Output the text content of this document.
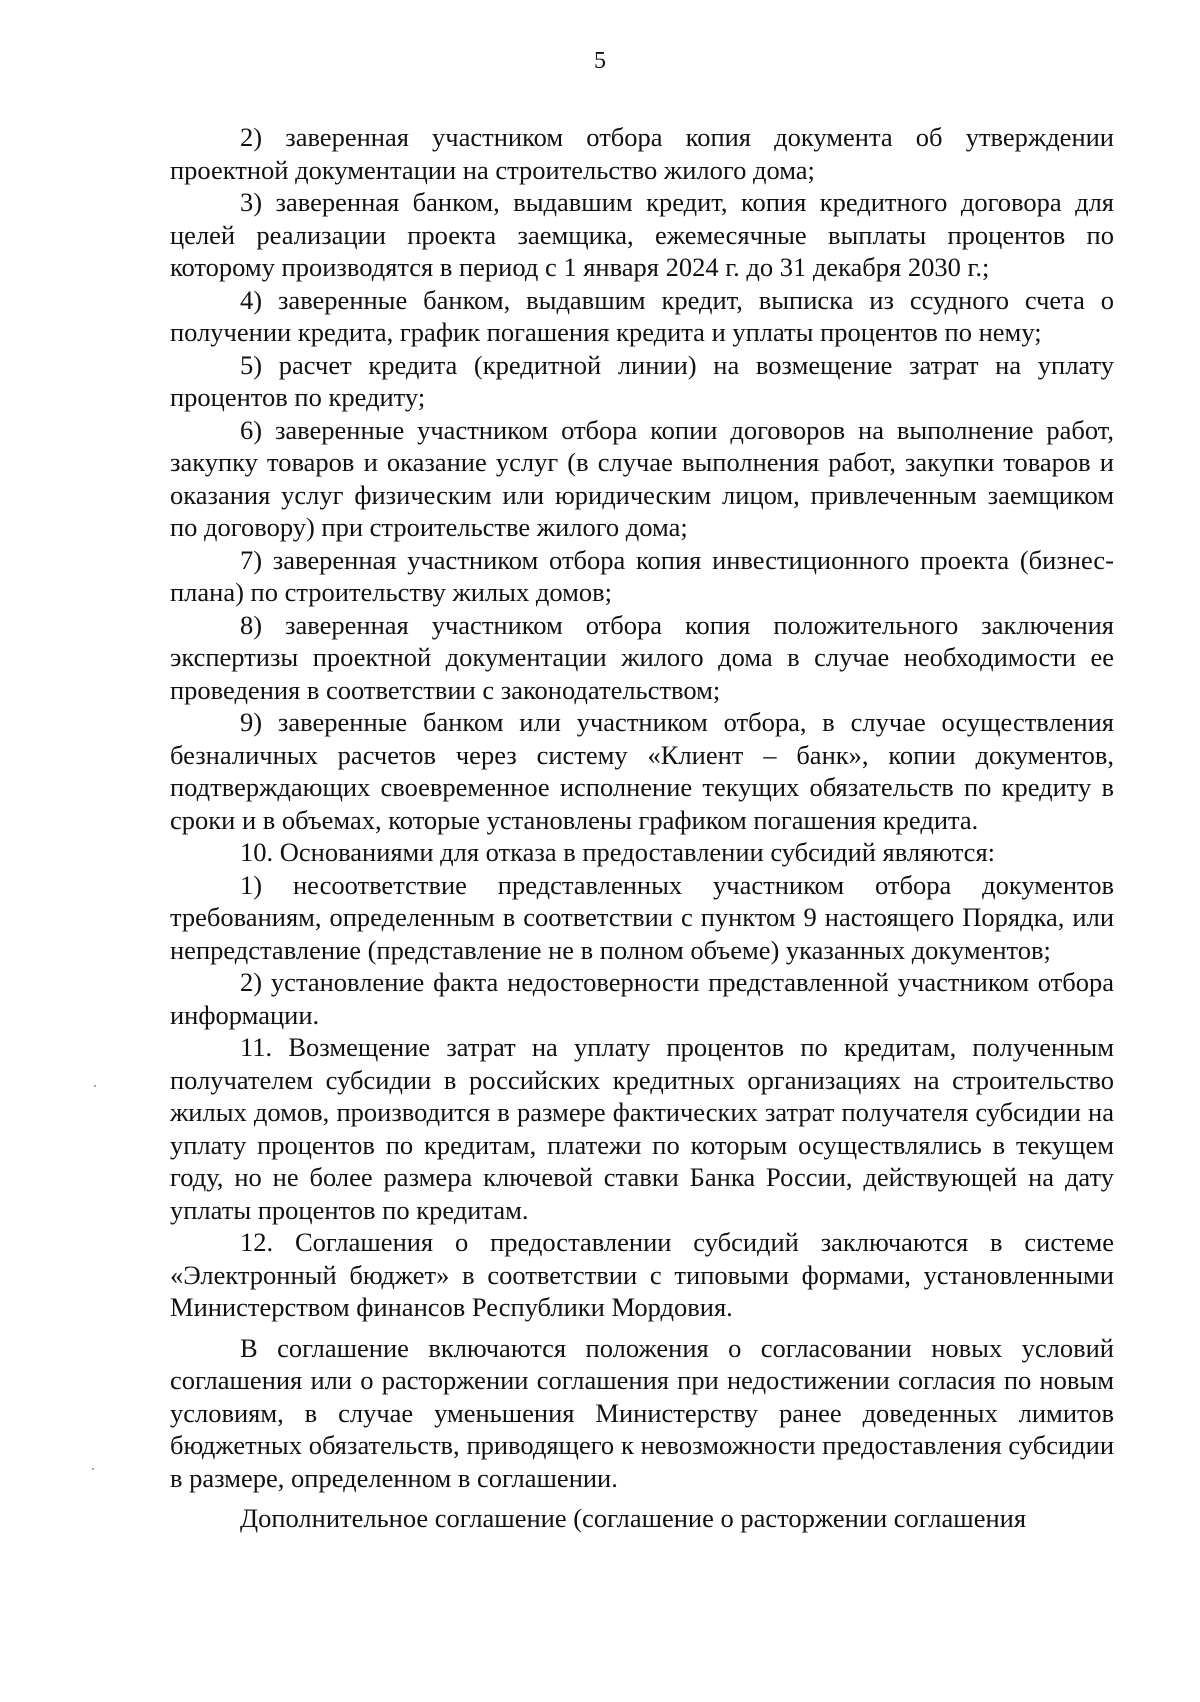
5

2) заверенная участником отбора копия документа об утверждении проектной документации на строительство жилого дома;

3) заверенная банком, выдавшим кредит, копия кредитного договора для целей реализации проекта заемщика, ежемесячные выплаты процентов по которому производятся в период с 1 января 2024 г. до 31 декабря 2030 г.;

4) заверенные банком, выдавшим кредит, выписка из ссудного счета о получении кредита, график погашения кредита и уплаты процентов по нему;

5) расчет кредита (кредитной линии) на возмещение затрат на уплату процентов по кредиту;

6) заверенные участником отбора копии договоров на выполнение работ, закупку товаров и оказание услуг (в случае выполнения работ, закупки товаров и оказания услуг физическим или юридическим лицом, привлеченным заемщиком по договору) при строительстве жилого дома;

7) заверенная участником отбора копия инвестиционного проекта (бизнес-плана) по строительству жилых домов;

8) заверенная участником отбора копия положительного заключения экспертизы проектной документации жилого дома в случае необходимости ее проведения в соответствии с законодательством;

9) заверенные банком или участником отбора, в случае осуществления безналичных расчетов через систему «Клиент – банк», копии документов, подтверждающих своевременное исполнение текущих обязательств по кредиту в сроки и в объемах, которые установлены графиком погашения кредита.

10. Основаниями для отказа в предоставлении субсидий являются:

1) несоответствие представленных участником отбора документов требованиям, определенным в соответствии с пунктом 9 настоящего Порядка, или непредставление (представление не в полном объеме) указанных документов;

2) установление факта недостоверности представленной участником отбора информации.

11. Возмещение затрат на уплату процентов по кредитам, полученным получателем субсидии в российских кредитных организациях на строительство жилых домов, производится в размере фактических затрат получателя субсидии на уплату процентов по кредитам, платежи по которым осуществлялись в текущем году, но не более размера ключевой ставки Банка России, действующей на дату уплаты процентов по кредитам.

12. Соглашения о предоставлении субсидий заключаются в системе «Электронный бюджет» в соответствии с типовыми формами, установленными Министерством финансов Республики Мордовия.

В соглашение включаются положения о согласовании новых условий соглашения или о расторжении соглашения при недостижении согласия по новым условиям, в случае уменьшения Министерству ранее доведенных лимитов бюджетных обязательств, приводящего к невозможности предоставления субсидии в размере, определенном в соглашении.

Дополнительное соглашение (соглашение о расторжении соглашения
